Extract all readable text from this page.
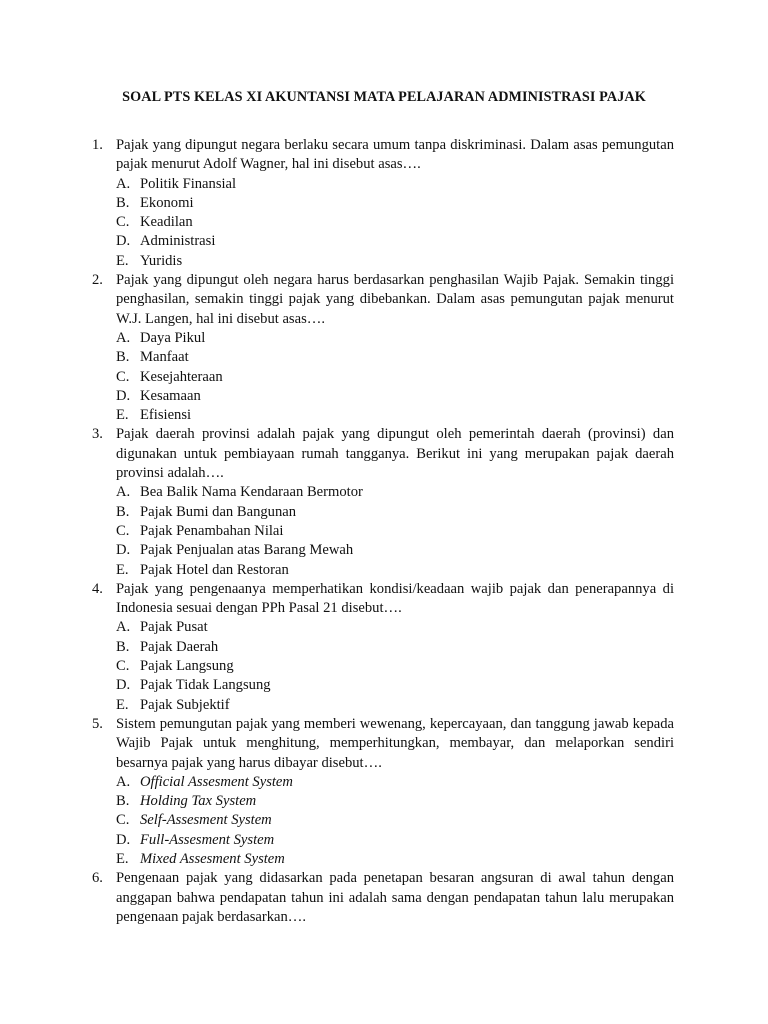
SOAL PTS KELAS XI AKUNTANSI MATA PELAJARAN ADMINISTRASI PAJAK
1. Pajak yang dipungut negara berlaku secara umum tanpa diskriminasi. Dalam asas pemungutan pajak menurut Adolf Wagner, hal ini disebut asas….
A. Politik Finansial
B. Ekonomi
C. Keadilan
D. Administrasi
E. Yuridis
2. Pajak yang dipungut oleh negara harus berdasarkan penghasilan Wajib Pajak. Semakin tinggi penghasilan, semakin tinggi pajak yang dibebankan. Dalam asas pemungutan pajak menurut W.J. Langen, hal ini disebut asas….
A. Daya Pikul
B. Manfaat
C. Kesejahteraan
D. Kesamaan
E. Efisiensi
3. Pajak daerah provinsi adalah pajak yang dipungut oleh pemerintah daerah (provinsi) dan digunakan untuk pembiayaan rumah tangganya. Berikut ini yang merupakan pajak daerah provinsi adalah….
A. Bea Balik Nama Kendaraan Bermotor
B. Pajak Bumi dan Bangunan
C. Pajak Penambahan Nilai
D. Pajak Penjualan atas Barang Mewah
E. Pajak Hotel dan Restoran
4. Pajak yang pengenaanya memperhatikan kondisi/keadaan wajib pajak dan penerapannya di Indonesia sesuai dengan PPh Pasal 21 disebut….
A. Pajak Pusat
B. Pajak Daerah
C. Pajak Langsung
D. Pajak Tidak Langsung
E. Pajak Subjektif
5. Sistem pemungutan pajak yang memberi wewenang, kepercayaan, dan tanggung jawab kepada Wajib Pajak untuk menghitung, memperhitungkan, membayar, dan melaporkan sendiri besarnya pajak yang harus dibayar disebut….
A. Official Assesment System
B. Holding Tax System
C. Self-Assesment System
D. Full-Assesment System
E. Mixed Assesment System
6. Pengenaan pajak yang didasarkan pada penetapan besaran angsuran di awal tahun dengan anggapan bahwa pendapatan tahun ini adalah sama dengan pendapatan tahun lalu merupakan pengenaan pajak berdasarkan….
